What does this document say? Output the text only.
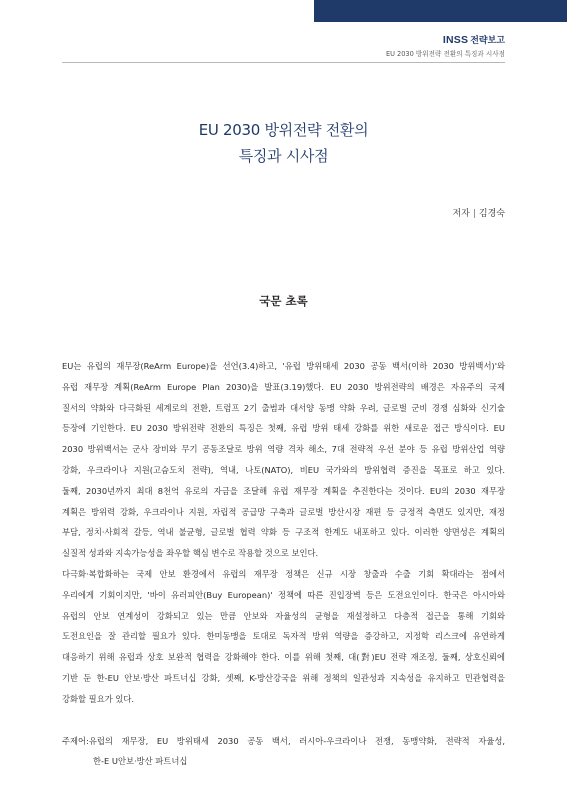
INSS 전략보고
EU 2030 방위전략 전환의 특징과 시사점
EU 2030 방위전략 전환의
특징과 시사점
저자 | 김경숙
국문 초록
EU는 유럽의 재무장(ReArm Europe)을 선언(3.4)하고, '유럽 방위태세 2030 공동 백서(이하 2030 방위백서)'와
유럽 재무장 계획(ReArm Europe Plan 2030)을 발표(3.19)했다. EU 2030 방위전략의 배경은 자유주의 국제
질서의 약화와 다극화된 세계로의 전환, 트럼프 2기 출범과 대서양 동맹 약화 우려, 글로벌 군비 경쟁 심화와 신기술
등장에 기인한다. EU 2030 방위전략 전환의 특징은 첫째, 유럽 방위 태세 강화를 위한 새로운 접근 방식이다. EU
2030 방위백서는 군사 장비와 무기 공동조달로 방위 역량 격차 해소, 7대 전략적 우선 분야 등 유럽 방위산업 역량
강화, 우크라이나 지원(고슴도치 전략), 역내, 나토(NATO), 비EU 국가와의 방위협력 증진을 목표로 하고 있다.
둘째, 2030년까지 최대 8천억 유로의 자금을 조달해 유럽 재무장 계획을 추진한다는 것이다. EU의 2030 재무장
계획은 방위력 강화, 우크라이나 지원, 자립적 공급망 구축과 글로벌 방산시장 재편 등 긍정적 측면도 있지만, 재정
부담, 정치·사회적 갈등, 역내 불균형, 글로벌 협력 약화 등 구조적 한계도 내포하고 있다. 이러한 양면성은 계획의
실질적 성과와 지속가능성을 좌우할 핵심 변수로 작용할 것으로 보인다.
다극화·복합화하는 국제 안보 환경에서 유럽의 재무장 정책은 신규 시장 창출과 수출 기회 확대라는 점에서
우리에게 기회이지만, '바이 유러피안(Buy European)' 정책에 따른 진입장벽 등은 도전요인이다. 한국은 아시아와
유럽의 안보 연계성이 강화되고 있는 만큼 안보와 자율성의 균형을 재설정하고 다층적 접근을 통해 기회와
도전요인을 잘 관리할 필요가 있다. 한미동맹을 토대로 독자적 방위 역량을 증강하고, 지정학 리스크에 유연하게
대응하기 위해 유럽과 상호 보완적 협력을 강화해야 한다. 이를 위해 첫째, 대(對)EU 전략 재조정, 둘째, 상호신뢰에
기반 둔 한-EU 안보·방산 파트너십 강화, 셋째, K-방산강국을 위해 정책의 일관성과 지속성을 유지하고 민관협력을
강화할 필요가 있다.
주제어: 유럽의 재무장, EU 방위태세 2030 공동 백서, 러시아-우크라이나 전쟁, 동맹약화, 전략적 자율성,
한-E U안보·방산 파트너십
